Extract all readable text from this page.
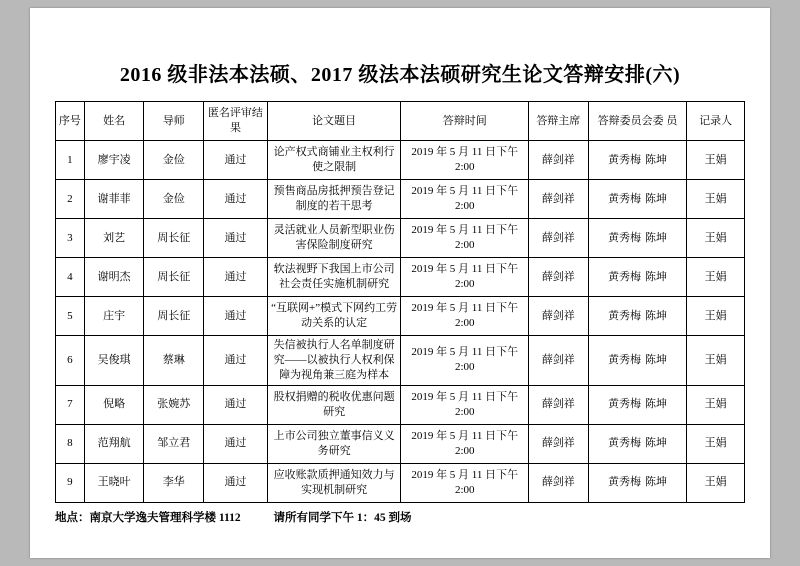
2016 级非法本法硕、2017 级法本法硕研究生论文答辩安排(六)
序号	姓名	导师	匿名评审结果	论文题目	答辩时间	答辩主席	答辩委员会委 员	记录人
1	廖宇凌	金俭	通过	论产权式商铺业主权利行使之限制	2019 年 5 月 11 日下午 2:00	薛剑祥	黄秀梅 陈坤	王娟
2	谢菲菲	金俭	通过	预售商品房抵押预告登记制度的若干思考	2019 年 5 月 11 日下午 2:00	薛剑祥	黄秀梅 陈坤	王娟
3	刘艺	周长征	通过	灵活就业人员新型职业伤害保险制度研究	2019 年 5 月 11 日下午 2:00	薛剑祥	黄秀梅 陈坤	王娟
4	谢明杰	周长征	通过	软法视野下我国上市公司社会责任实施机制研究	2019 年 5 月 11 日下午 2:00	薛剑祥	黄秀梅 陈坤	王娟
5	庄宇	周长征	通过	“互联网+”模式下网约工劳动关系的认定	2019 年 5 月 11 日下午 2:00	薛剑祥	黄秀梅 陈坤	王娟
6	吴俊琪	蔡琳	通过	失信被执行人名单制度研究——以被执行人权利保障为视角兼三庭为样本	2019 年 5 月 11 日下午 2:00	薛剑祥	黄秀梅 陈坤	王娟
7	倪略	张婉苏	通过	股权捐赠的税收优惠问题研究	2019 年 5 月 11 日下午 2:00	薛剑祥	黄秀梅 陈坤	王娟
8	范翔航	邹立君	通过	上市公司独立董事信义义务研究	2019 年 5 月 11 日下午 2:00	薛剑祥	黄秀梅 陈坤	王娟
9	王晓叶	李华	通过	应收账款质押通知效力与实现机制研究	2019 年 5 月 11 日下午 2:00	薛剑祥	黄秀梅 陈坤	王娟
地点：南京大学逸夫管理科学楼 1112	请所有同学下午 1：45 到场
